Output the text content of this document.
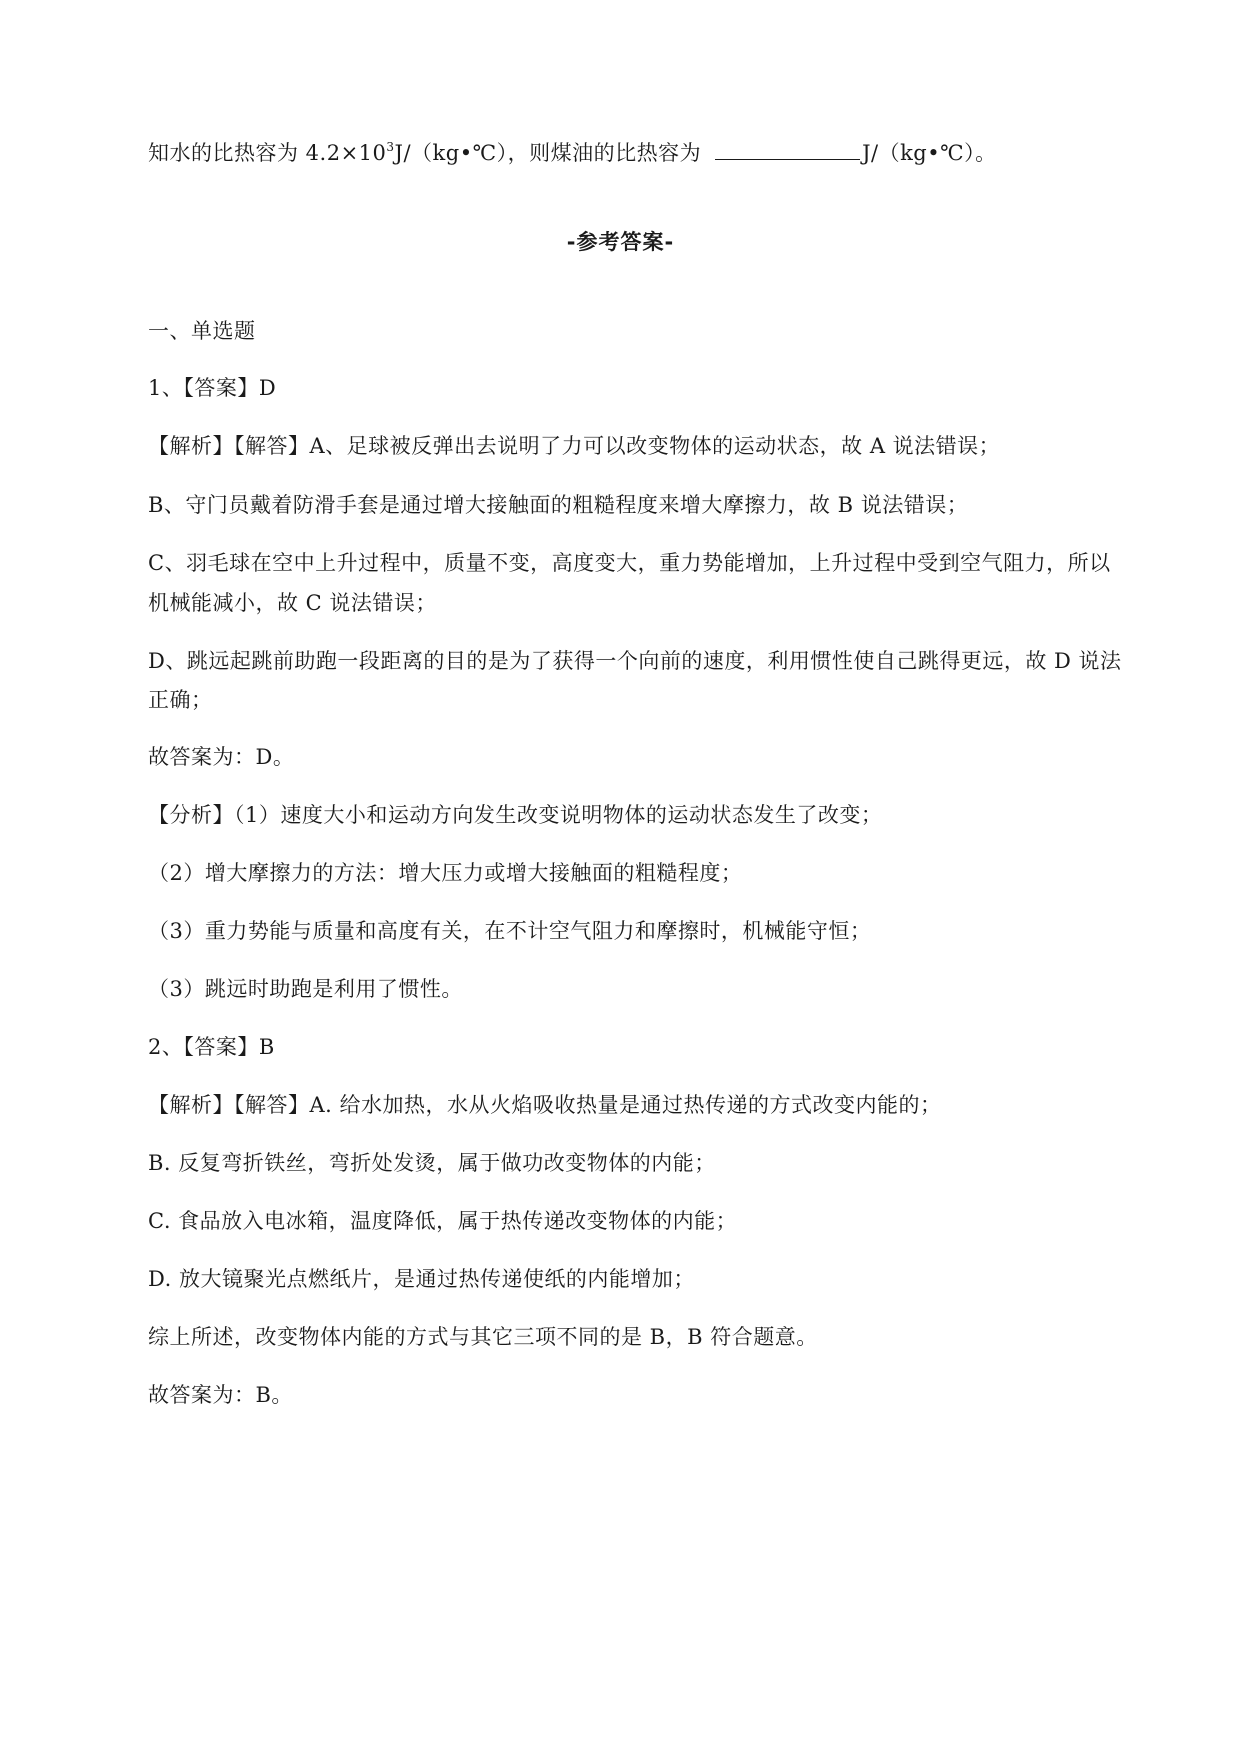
知水的比热容为 $4.2\times 10^3J/(kg•℃)$，则煤油的比热容为	J/（kg•℃）。
-参考答案-
一、单选题
1、【答案】D
【解析】【解答】A、足球被反弹出去说明了力可以改变物体的运动状态，故 A 说法错误；
B、守门员戴着防滑手套是通过增大接触面的粗糙程度来增大摩擦力，故 B 说法错误；
C、羽毛球在空中上升过程中，质量不变，高度变大，重力势能增加，上升过程中受到空气阻力，所以
机械能减小，故 C 说法错误；
D、跳远起跳前助跑一段距离的目的是为了获得一个向前的速度，利用惯性使自己跳得更远，故 D 说法
正确；
故答案为：D。
【分析】（1）速度大小和运动方向发生改变说明物体的运动状态发生了改变；
（2）增大摩擦力的方法：增大压力或增大接触面的粗糙程度；
（3）重力势能与质量和高度有关，在不计空气阻力和摩擦时，机械能守恒；
（3）跳远时助跑是利用了惯性。
2、【答案】B
【解析】【解答】A. 给水加热，水从火焰吸收热量是通过热传递的方式改变内能的；
B. 反复弯折铁丝，弯折处发烫，属于做功改变物体的内能；
C. 食品放入电冰箱，温度降低，属于热传递改变物体的内能；
D. 放大镜聚光点燃纸片，是通过热传递使纸的内能增加；
综上所述，改变物体内能的方式与其它三项不同的是 B，B 符合题意。
故答案为：B。
